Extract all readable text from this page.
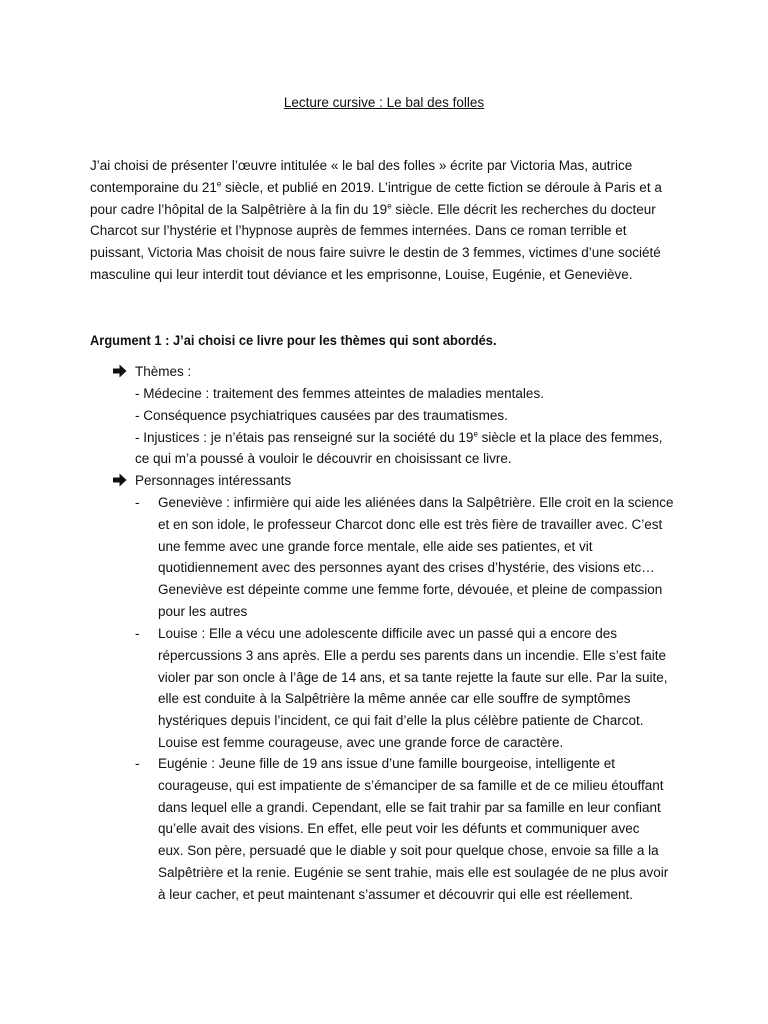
Lecture cursive : Le bal des folles
J’ai choisi de présenter l’œuvre intitulée « le bal des folles » écrite par Victoria Mas, autrice
contemporaine du 21e siècle, et publié en 2019. L’intrigue de cette fiction se déroule à Paris et a
pour cadre l’hôpital de la Salpêtrière à la fin du 19e siècle. Elle décrit les recherches du docteur
Charcot sur l’hystérie et l’hypnose auprès de femmes internées. Dans ce roman terrible et
puissant, Victoria Mas choisit de nous faire suivre le destin de 3 femmes, victimes d’une société
masculine qui leur interdit tout déviance et les emprisonne, Louise, Eugénie, et Geneviève.
Argument 1 : J’ai choisi ce livre pour les thèmes qui sont abordés.
Thèmes :
- Médecine : traitement des femmes atteintes de maladies mentales.
- Conséquence psychiatriques causées par des traumatismes.
- Injustices : je n’étais pas renseigné sur la société du 19e siècle et la place des femmes,
ce qui m’a poussé à vouloir le découvrir en choisissant ce livre.
Personnages intéressants
- Geneviève : infirmière qui aide les aliénées dans la Salpêtrière. Elle croit en la science
et en son idole, le professeur Charcot donc elle est très fière de travailler avec. C’est
une femme avec une grande force mentale, elle aide ses patientes, et vit
quotidiennement avec des personnes ayant des crises d’hystérie, des visions etc…
Geneviève est dépeinte comme une femme forte, dévouée, et pleine de compassion
pour les autres
- Louise : Elle a vécu une adolescente difficile avec un passé qui a encore des
répercussions 3 ans après. Elle a perdu ses parents dans un incendie. Elle s’est faite
violer par son oncle à l’âge de 14 ans, et sa tante rejette la faute sur elle. Par la suite,
elle est conduite à la Salpêtrière la même année car elle souffre de symptômes
hystériques depuis l’incident, ce qui fait d’elle la plus célèbre patiente de Charcot.
Louise est femme courageuse, avec une grande force de caractère.
- Eugénie : Jeune fille de 19 ans issue d’une famille bourgeoise, intelligente et
courageuse, qui est impatiente de s’émanciper de sa famille et de ce milieu étouffant
dans lequel elle a grandi. Cependant, elle se fait trahir par sa famille en leur confiant
qu’elle avait des visions. En effet, elle peut voir les défunts et communiquer avec
eux. Son père, persuadé que le diable y soit pour quelque chose, envoie sa fille a la
Salpêtrière et la renie. Eugénie se sent trahie, mais elle est soulagée de ne plus avoir
à leur cacher, et peut maintenant s’assumer et découvrir qui elle est réellement.
